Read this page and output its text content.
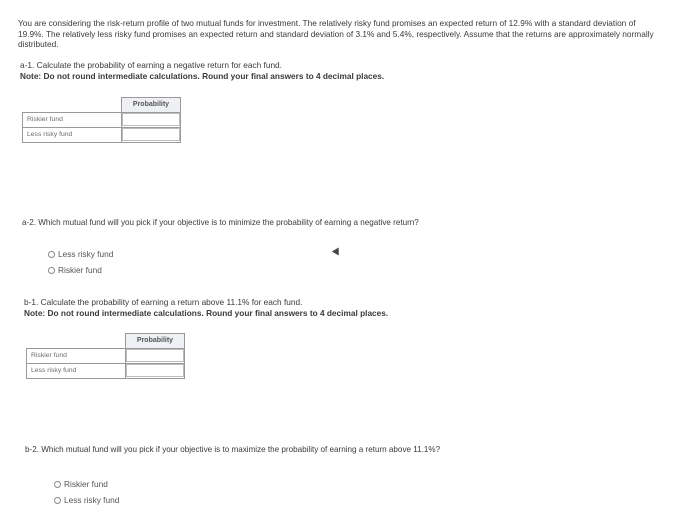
You are considering the risk-return profile of two mutual funds for investment. The relatively risky fund promises an expected return of 12.9% with a standard deviation of 19.9%. The relatively less risky fund promises an expected return and standard deviation of 3.1% and 5.4%, respectively. Assume that the returns are approximately normally distributed.
a-1. Calculate the probability of earning a negative return for each fund.
Note: Do not round intermediate calculations. Round your final answers to 4 decimal places.
	Probability
Riskier fund	
Less risky fund	
a-2. Which mutual fund will you pick if your objective is to minimize the probability of earning a negative return?
Less risky fund
Riskier fund
b-1. Calculate the probability of earning a return above 11.1% for each fund.
Note: Do not round intermediate calculations. Round your final answers to 4 decimal places.
	Probability
Riskier fund	
Less risky fund	
b-2. Which mutual fund will you pick if your objective is to maximize the probability of earning a return above 11.1%?
Riskier fund
Less risky fund
